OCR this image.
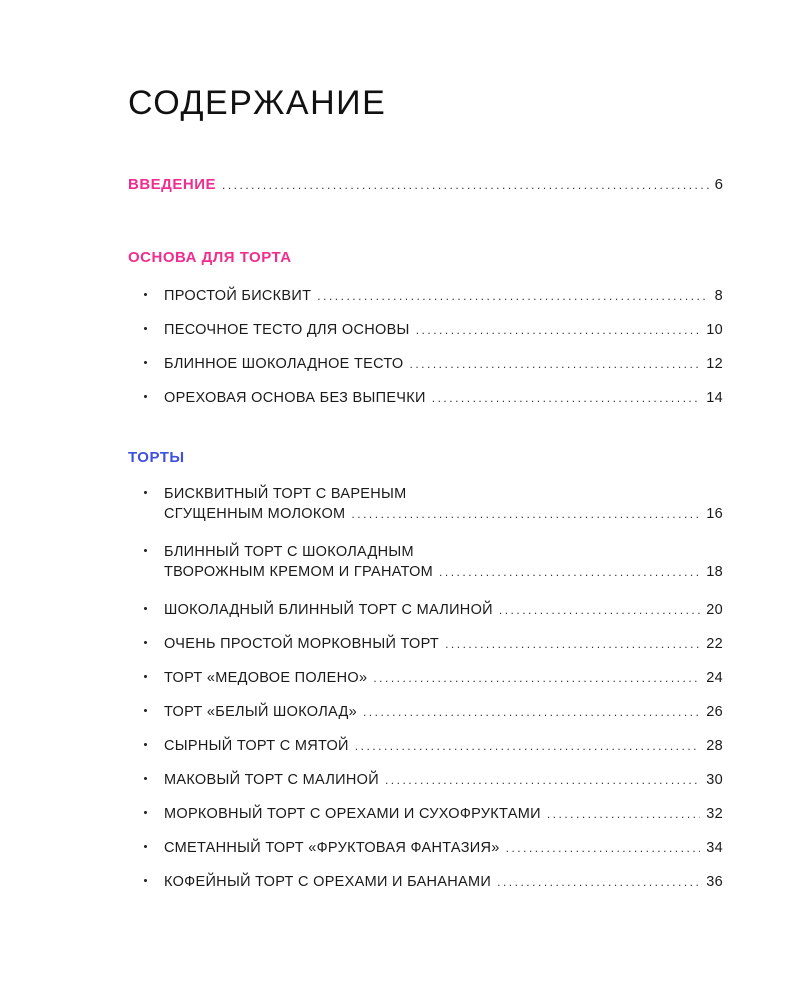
СОДЕРЖАНИЕ
ВВЕДЕНИЕ .....	6
ОСНОВА ДЛЯ ТОРТА
ПРОСТОЙ БИСКВИТ .....	8
ПЕСОЧНОЕ ТЕСТО ДЛЯ ОСНОВЫ .....	10
БЛИННОЕ ШОКОЛАДНОЕ ТЕСТО .....	12
ОРЕХОВАЯ ОСНОВА БЕЗ ВЫПЕЧКИ .....	14
ТОРТЫ
БИСКВИТНЫЙ ТОРТ С ВАРЕНЫМ
СГУЩЕННЫМ МОЛОКОМ .....	16
БЛИННЫЙ ТОРТ С ШОКОЛАДНЫМ
ТВОРОЖНЫМ КРЕМОМ И ГРАНАТОМ .....	18
ШОКОЛАДНЫЙ БЛИННЫЙ ТОРТ С МАЛИНОЙ .....	20
ОЧЕНЬ ПРОСТОЙ МОРКОВНЫЙ ТОРТ .....	22
ТОРТ «МЕДОВОЕ ПОЛЕНО» .....	24
ТОРТ «БЕЛЫЙ ШОКОЛАД» .....	26
СЫРНЫЙ ТОРТ С МЯТОЙ .....	28
МАКОВЫЙ ТОРТ С МАЛИНОЙ .....	30
МОРКОВНЫЙ ТОРТ С ОРЕХАМИ И СУХОФРУКТАМИ .....	32
СМЕТАННЫЙ ТОРТ «ФРУКТОВАЯ ФАНТАЗИЯ» .....	34
КОФЕЙНЫЙ ТОРТ С ОРЕХАМИ И БАНАНАМИ .....	36
